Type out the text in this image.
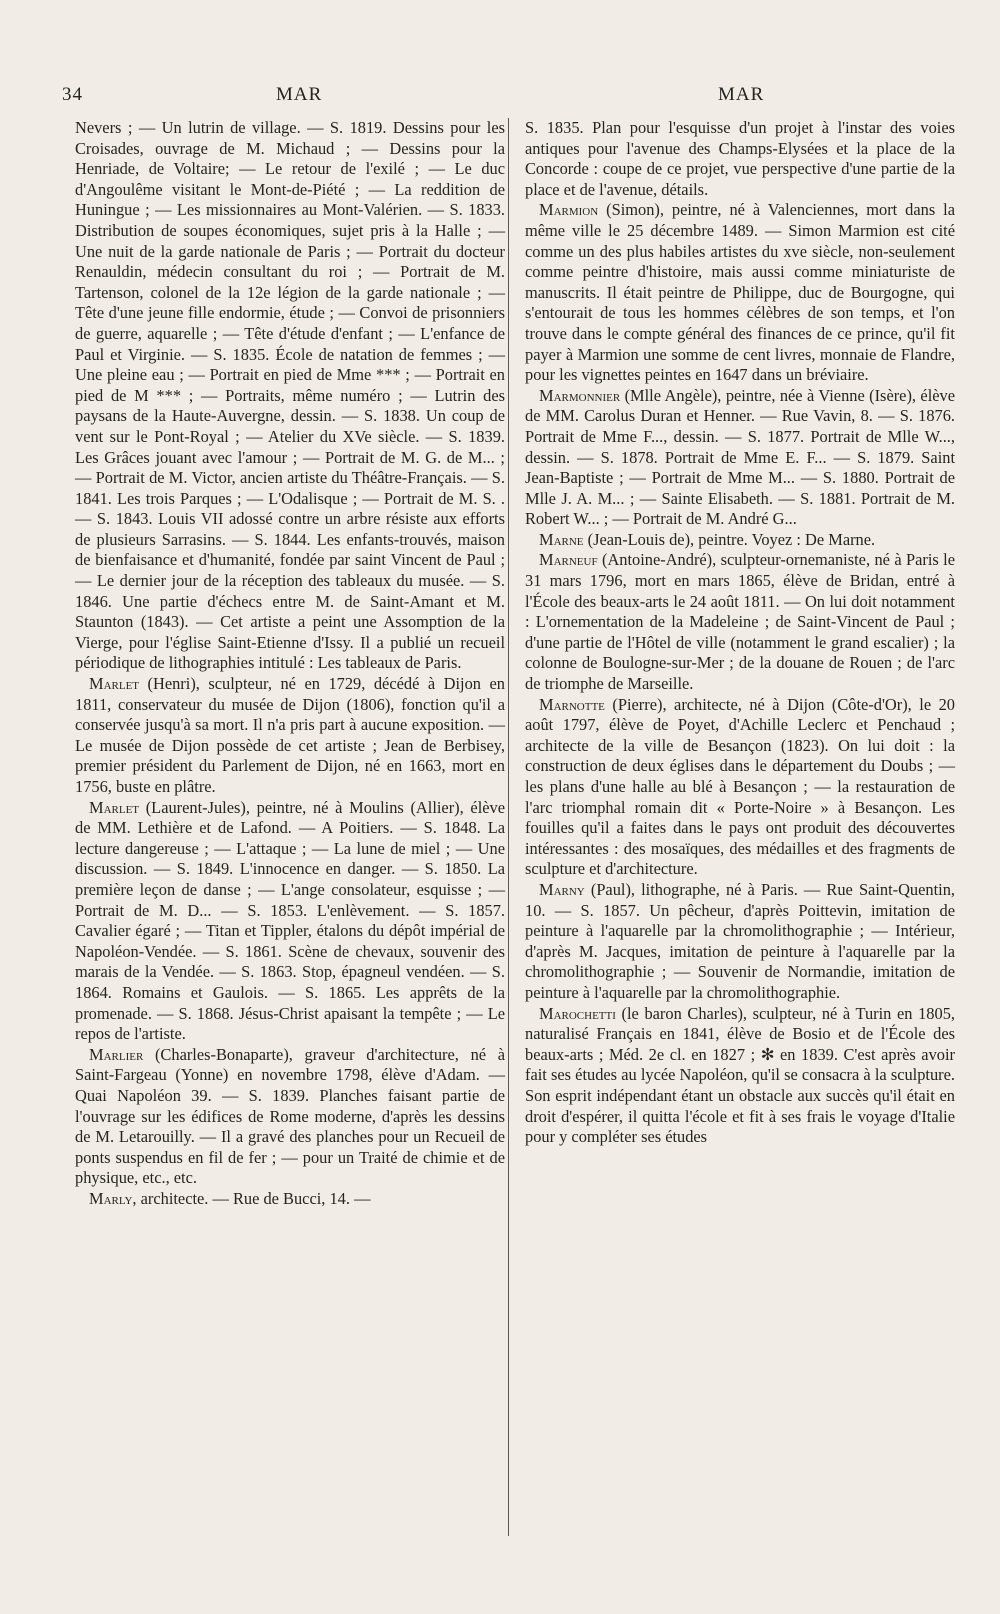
34	MAR	MAR

Nevers ; — Un lutrin de village. — S. 1819. Dessins pour les Croisades, ouvrage de M. Michaud ; — Dessins pour la Henriade, de Voltaire; — Le retour de l'exilé ; — Le duc d'Angoulême visitant le Mont-de-Piété ; — La reddition de Huningue ; — Les missionnaires au Mont-Valérien. — S. 1833. Distribution de soupes économiques, sujet pris à la Halle ; — Une nuit de la garde nationale de Paris ; — Portrait du docteur Renauldin, médecin consultant du roi ; — Portrait de M. Tartenson, colonel de la 12e légion de la garde nationale ; — Tête d'une jeune fille endormie, étude ; — Convoi de prisonniers de guerre, aquarelle ; — Tête d'étude d'enfant ; — L'enfance de Paul et Virginie. — S. 1835. École de natation de femmes ; — Une pleine eau ; — Portrait en pied de Mme *** ; — Portrait en pied de M *** ; — Portraits, même numéro ; — Lutrin des paysans de la Haute-Auvergne, dessin. — S. 1838. Un coup de vent sur le Pont-Royal ; — Atelier du XVe siècle. — S. 1839. Les Grâces jouant avec l'amour ; — Portrait de M. G. de M... ; — Portrait de M. Victor, ancien artiste du Théâtre-Français. — S. 1841. Les trois Parques ; — L'Odalisque ; — Portrait de M. S. . — S. 1843. Louis VII adossé contre un arbre résiste aux efforts de plusieurs Sarrasins. — S. 1844. Les enfants-trouvés, maison de bienfaisance et d'humanité, fondée par saint Vincent de Paul ; — Le dernier jour de la réception des tableaux du musée. — S. 1846. Une partie d'échecs entre M. de Saint-Amant et M. Staunton (1843). — Cet artiste a peint une Assomption de la Vierge, pour l'église Saint-Etienne d'Issy. Il a publié un recueil périodique de lithographies intitulé : Les tableaux de Paris.

Marlet (Henri), sculpteur, né en 1729, décédé à Dijon en 1811, conservateur du musée de Dijon (1806), fonction qu'il a conservée jusqu'à sa mort. Il n'a pris part à aucune exposition. — Le musée de Dijon possède de cet artiste ; Jean de Berbisey, premier président du Parlement de Dijon, né en 1663, mort en 1756, buste en plâtre.

Marlet (Laurent-Jules), peintre, né à Moulins (Allier), élève de MM. Lethière et de Lafond. — A Poitiers. — S. 1848. La lecture dangereuse ; — L'attaque ; — La lune de miel ; — Une discussion. — S. 1849. L'innocence en danger. — S. 1850. La première leçon de danse ; — L'ange consolateur, esquisse ; — Portrait de M. D... — S. 1853. L'enlèvement. — S. 1857. Cavalier égaré ; — Titan et Tippler, étalons du dépôt impérial de Napoléon-Vendée. — S. 1861. Scène de chevaux, souvenir des marais de la Vendée. — S. 1863. Stop, épagneul vendéen. — S. 1864. Romains et Gaulois. — S. 1865. Les apprêts de la promenade. — S. 1868. Jésus-Christ apaisant la tempête ; — Le repos de l'artiste.

Marlier (Charles-Bonaparte), graveur d'architecture, né à Saint-Fargeau (Yonne) en novembre 1798, élève d'Adam. — Quai Napoléon 39. — S. 1839. Planches faisant partie de l'ouvrage sur les édifices de Rome moderne, d'après les dessins de M. Letarouilly. — Il a gravé des planches pour un Recueil de ponts suspendus en fil de fer ; — pour un Traité de chimie et de physique, etc., etc.

Marly, architecte. — Rue de Bucci, 14. —

S. 1835. Plan pour l'esquisse d'un projet à l'instar des voies antiques pour l'avenue des Champs-Elysées et la place de la Concorde : coupe de ce projet, vue perspective d'une partie de la place et de l'avenue, détails.

Marmion (Simon), peintre, né à Valenciennes, mort dans la même ville le 25 décembre 1489. — Simon Marmion est cité comme un des plus habiles artistes du xve siècle, non-seulement comme peintre d'histoire, mais aussi comme miniaturiste de manuscrits. Il était peintre de Philippe, duc de Bourgogne, qui s'entourait de tous les hommes célèbres de son temps, et l'on trouve dans le compte général des finances de ce prince, qu'il fit payer à Marmion une somme de cent livres, monnaie de Flandre, pour les vignettes peintes en 1647 dans un bréviaire.

Marmonnier (Mlle Angèle), peintre, née à Vienne (Isère), élève de MM. Carolus Duran et Henner. — Rue Vavin, 8. — S. 1876. Portrait de Mme F..., dessin. — S. 1877. Portrait de Mlle W..., dessin. — S. 1878. Portrait de Mme E. F... — S. 1879. Saint Jean-Baptiste ; — Portrait de Mme M... — S. 1880. Portrait de Mlle J. A. M... ; — Sainte Elisabeth. — S. 1881. Portrait de M. Robert W... ; — Portrait de M. André G...

Marne (Jean-Louis de), peintre. Voyez : De Marne.

Marneuf (Antoine-André), sculpteur-ornemaniste, né à Paris le 31 mars 1796, mort en mars 1865, élève de Bridan, entré à l'École des beaux-arts le 24 août 1811. — On lui doit notamment : L'ornementation de la Madeleine ; de Saint-Vincent de Paul ; d'une partie de l'Hôtel de ville (notamment le grand escalier) ; la colonne de Boulogne-sur-Mer ; de la douane de Rouen ; de l'arc de triomphe de Marseille.

Marnotte (Pierre), architecte, né à Dijon (Côte-d'Or), le 20 août 1797, élève de Poyet, d'Achille Leclerc et Penchaud ; architecte de la ville de Besançon (1823). On lui doit : la construction de deux églises dans le département du Doubs ; — les plans d'une halle au blé à Besançon ; — la restauration de l'arc triomphal romain dit « Porte-Noire » à Besançon. Les fouilles qu'il a faites dans le pays ont produit des découvertes intéressantes : des mosaïques, des médailles et des fragments de sculpture et d'architecture.

Marny (Paul), lithographe, né à Paris. — Rue Saint-Quentin, 10. — S. 1857. Un pêcheur, d'après Poittevin, imitation de peinture à l'aquarelle par la chromolithographie ; — Intérieur, d'après M. Jacques, imitation de peinture à l'aquarelle par la chromolithographie ; — Souvenir de Normandie, imitation de peinture à l'aquarelle par la chromolithographie.

Marochetti (le baron Charles), sculpteur, né à Turin en 1805, naturalisé Français en 1841, élève de Bosio et de l'École des beaux-arts ; Méd. 2e cl. en 1827 ; ✻ en 1839. C'est après avoir fait ses études au lycée Napoléon, qu'il se consacra à la sculpture. Son esprit indépendant étant un obstacle aux succès qu'il était en droit d'espérer, il quitta l'école et fit à ses frais le voyage d'Italie pour y compléter ses études
